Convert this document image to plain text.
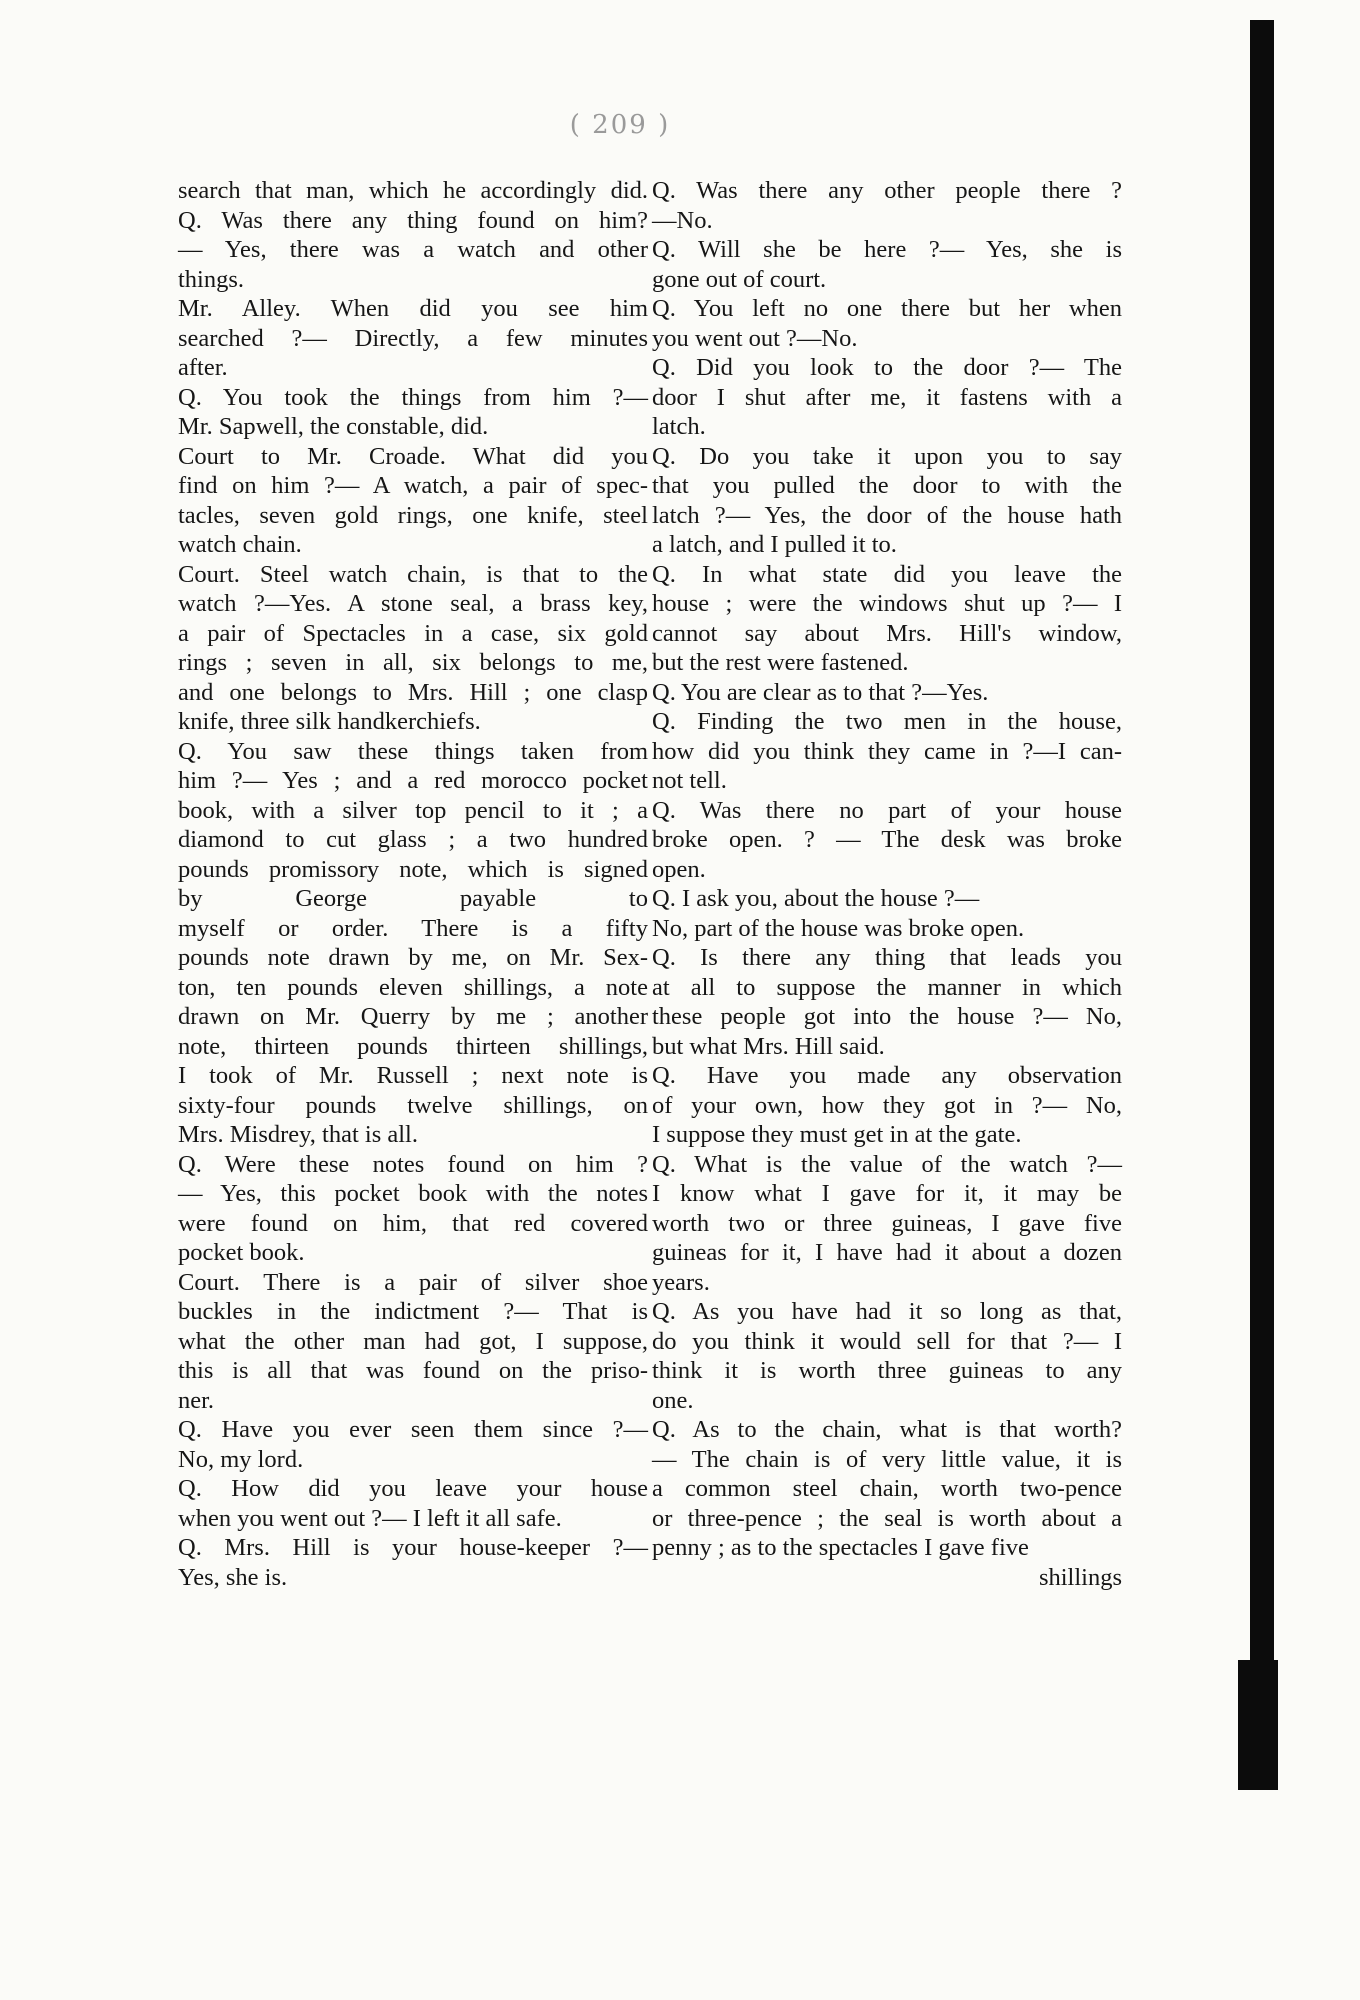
( 209 )
search that man, which he accordingly did.
Q. Was there any thing found on him?
— Yes, there was a watch and other
things.
Mr. Alley. When did you see him
searched ?— Directly, a few minutes
after.
Q. You took the things from him ?—
Mr. Sapwell, the constable, did.
Court to Mr. Croade. What did you
find on him ?— A watch, a pair of spec-
tacles, seven gold rings, one knife, steel
watch chain.
Court. Steel watch chain, is that to the
watch ?—Yes. A stone seal, a brass key,
a pair of Spectacles in a case, six gold
rings ; seven in all, six belongs to me,
and one belongs to Mrs. Hill ; one clasp
knife, three silk handkerchiefs.
Q. You saw these things taken from
him ?— Yes ; and a red morocco pocket
book, with a silver top pencil to it ; a
diamond to cut glass ; a two hundred
pounds promissory note, which is signed
by George payable to
myself or order. There is a fifty
pounds note drawn by me, on Mr. Sex-
ton, ten pounds eleven shillings, a note
drawn on Mr. Querry by me ; another
note, thirteen pounds thirteen shillings,
I took of Mr. Russell ; next note is
sixty-four pounds twelve shillings, on
Mrs. Misdrey, that is all.
Q. Were these notes found on him ?
— Yes, this pocket book with the notes
were found on him, that red covered
pocket book.
Court. There is a pair of silver shoe
buckles in the indictment ?— That is
what the other man had got, I suppose,
this is all that was found on the priso-
ner.
Q. Have you ever seen them since ?—
No, my lord.
Q. How did you leave your house
when you went out ?— I left it all safe.
Q. Mrs. Hill is your house-keeper ?—
Yes, she is.
Q. Was there any other people there ?
—No.
Q. Will she be here ?— Yes, she is
gone out of court.
Q. You left no one there but her when
you went out ?—No.
Q. Did you look to the door ?— The
door I shut after me, it fastens with a
latch.
Q. Do you take it upon you to say
that you pulled the door to with the
latch ?— Yes, the door of the house hath
a latch, and I pulled it to.
Q. In what state did you leave the
house ; were the windows shut up ?— I
cannot say about Mrs. Hill's window,
but the rest were fastened.
Q. You are clear as to that ?—Yes.
Q. Finding the two men in the house,
how did you think they came in ?—I can-
not tell.
Q. Was there no part of your house
broke open. ? — The desk was broke
open.
Q. I ask you, about the house ?—
No, part of the house was broke open.
Q. Is there any thing that leads you
at all to suppose the manner in which
these people got into the house ?— No,
but what Mrs. Hill said.
Q. Have you made any observation
of your own, how they got in ?— No,
I suppose they must get in at the gate.
Q. What is the value of the watch ?—
I know what I gave for it, it may be
worth two or three guineas, I gave five
guineas for it, I have had it about a dozen
years.
Q. As you have had it so long as that,
do you think it would sell for that ?— I
think it is worth three guineas to any
one.
Q. As to the chain, what is that worth?
— The chain is of very little value, it is
a common steel chain, worth two-pence
or three-pence ; the seal is worth about a
penny ; as to the spectacles I gave five
shillings
